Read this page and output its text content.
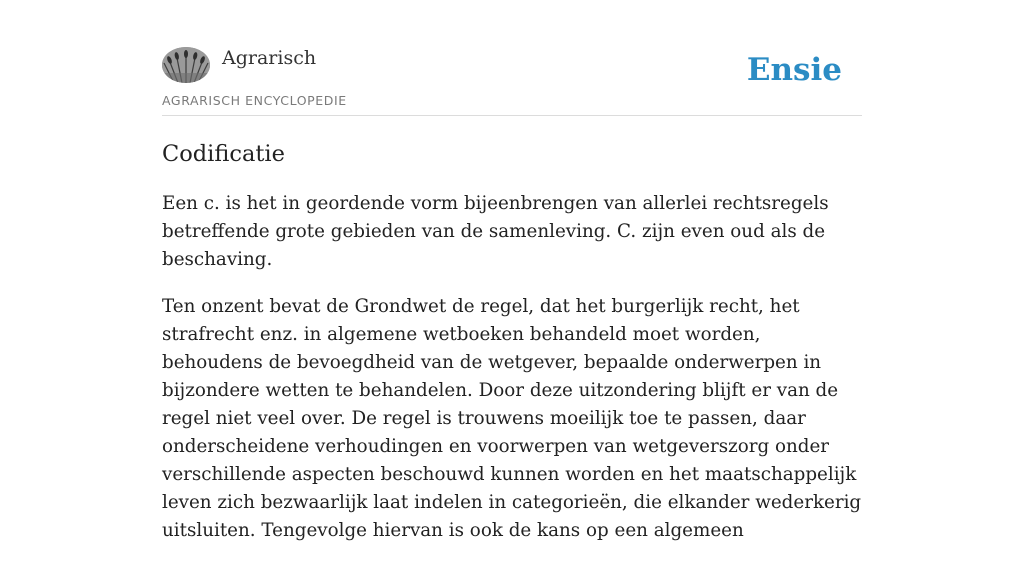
Agrarisch

AGRARISCH ENCYCLOPEDIE
Ensie
Codificatie

Een c. is het in geordende vorm bijeenbrengen van allerlei rechtsregels betreffende grote gebieden van de samenleving. C. zijn even oud als de beschaving.

Ten onzent bevat de Grondwet de regel, dat het burgerlijk recht, het strafrecht enz. in algemene wetboeken behandeld moet worden, behoudens de bevoegdheid van de wetgever, bepaalde onderwerpen in bijzondere wetten te behandelen. Door deze uitzondering blijft er van de regel niet veel over. De regel is trouwens moeilijk toe te passen, daar onderscheidene verhoudingen en voorwerpen van wetgeverszorg onder verschillende aspecten beschouwd kunnen worden en het maatschappelijk leven zich bezwaarlijk laat indelen in categorieën, die elkander wederkerig uitsluiten. Tengevolge hiervan is ook de kans op een algemeen
